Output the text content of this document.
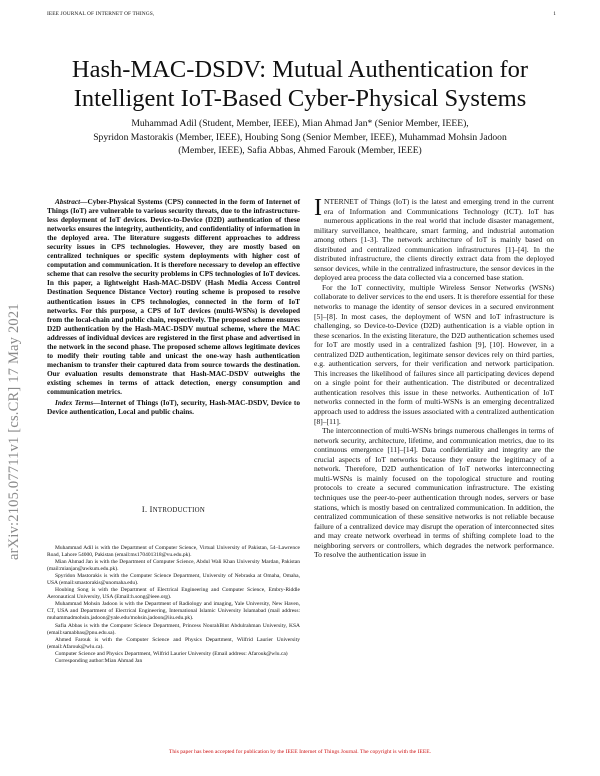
IEEE JOURNAL OF INTERNET OF THINGS,	1
arXiv:2105.07711v1 [cs.CR] 17 May 2021
Hash-MAC-DSDV: Mutual Authentication for
Intelligent IoT-Based Cyber-Physical Systems
Muhammad Adil (Student, Member, IEEE), Mian Ahmad Jan* (Senior Member, IEEE),
Spyridon Mastorakis (Member, IEEE), Houbing Song (Senior Member, IEEE), Muhammad Mohsin Jadoon
(Member, IEEE), Safia Abbas, Ahmed Farouk (Member, IEEE)

Abstract—Cyber-Physical Systems (CPS) connected in the form of Internet of Things (IoT) are vulnerable to various security threats, due to the infrastructure-less deployment of IoT devices. Device-to-Device (D2D) authentication of these networks ensures the integrity, authenticity, and confidentiality of information in the deployed area. The literature suggests different approaches to address security issues in CPS technologies. However, they are mostly based on centralized techniques or specific system deployments with higher cost of computation and communication. It is therefore necessary to develop an effective scheme that can resolve the security problems in CPS technologies of IoT devices. In this paper, a lightweight Hash-MAC-DSDV (Hash Media Access Control Destination Sequence Distance Vector) routing scheme is proposed to resolve authentication issues in CPS technologies, connected in the form of IoT networks. For this purpose, a CPS of IoT devices (multi-WSNs) is developed from the local-chain and public chain, respectively. The proposed scheme ensures D2D authentication by the Hash-MAC-DSDV mutual scheme, where the MAC addresses of individual devices are registered in the first phase and advertised in the network in the second phase. The proposed scheme allows legitimate devices to modify their routing table and unicast the one-way hash authentication mechanism to transfer their captured data from source towards the destination. Our evaluation results demonstrate that Hash-MAC-DSDV outweighs the existing schemes in terms of attack detection, energy consumption and communication metrics.

Index Terms—Internet of Things (IoT), security, Hash-MAC-DSDV, Device to Device authentication, Local and public chains.

I. INTRODUCTION

Muhammad Adil is with the Department of Computer Science, Virtual University of Pakistan, 54–Lawrence Road, Lahore 54000, Pakistan (email:ms170401318@vu.edu.pk).

Mian Ahmad Jan is with the Department of Computer Science, Abdul Wali Khan University Mardan, Pakistan (mail:mianjan@awkum.edu.pk).

Spyridon Mastorakis is with the Computer Science Department, University of Nebraska at Omaha, Omaha, USA (email:smastorakis@unomaha.edu).

Houbing Song is with the Department of Electrical Engineering and Computer Science, Embry-Riddle Aeronautical University, USA (Email:h.song@ieee.org).

Muhammad Mohsin Jadoon is with the Department of Radiology and imaging, Yale University, New Haven, CT, USA and Department of Electrical Engineering, International Islamic University Islamabad (mail address: muhammadmohsin.jadoon@yale.edu/mohsin.jadoon@iiu.edu.pk).

Safia Abbas is with the Computer Science Department, Princess NourahBint Abdulrahman University, KSA (email:samabbas@pnu.edu.sa).

Ahmed Farouk is with the Computer Science and Physics Department, Wilfrid Laurier University (email:Afarouk@wlu.ca).

Computer Science and Physics Department, Wilfrid Laurier University (Email address: Afarouk@wlu.ca)

Corresponding author:Mian Ahmad Jan

INTERNET of Things (IoT) is the latest and emerging trend in the current era of Information and Communications Technology (ICT). IoT has numerous applications in the real world that include disaster management, military surveillance, healthcare, smart farming, and industrial automation among others [1-3]. The network architecture of IoT is mainly based on distributed and centralized communication infrastructures [1]–[4]. In the distributed infrastructure, the clients directly extract data from the deployed sensor devices, while in the centralized infrastructure, the sensor devices in the deployed area process the data collected via a concerned base station.

For the IoT connectivity, multiple Wireless Sensor Networks (WSNs) collaborate to deliver services to the end users. It is therefore essential for these networks to manage the identity of sensor devices in a secured environment [5]–[8]. In most cases, the deployment of WSN and IoT infrastructure is challenging, so Device-to-Device (D2D) authentication is a viable option in these scenarios. In the existing literature, the D2D authentication schemes used for IoT are mostly used in a centralized fashion [9], [10]. However, in a centralized D2D authentication, legitimate sensor devices rely on third parties, e.g. authentication servers, for their verification and network participation. This increases the likelihood of failures since all participating devices depend on a single point for their authentication. The distributed or decentralized authentication resolves this issue in these networks. Authentication of IoT networks connected in the form of multi-WSNs is an emerging decentralized approach used to address the issues associated with a centralized authentication [8]–[11].

The interconnection of multi-WSNs brings numerous challenges in terms of network security, architecture, lifetime, and communication metrics, due to its continuous emergence [11]–[14]. Data confidentiality and integrity are the crucial aspects of IoT networks because they ensure the legitimacy of a network. Therefore, D2D authentication of IoT networks interconnecting multi-WSNs is mainly focused on the topological structure and routing protocols to create a secured communication infrastructure. The existing techniques use the peer-to-peer authentication through nodes, servers or base stations, which is mostly based on centralized communication. In addition, the centralized communication of these sensitive networks is not reliable because failure of a centralized device may disrupt the operation of interconnected sites and may create network overhead in terms of shifting complete load to the neighboring servers or controllers, which degrades the network performance. To resolve the authentication issue in

This paper has been accepted for publication by the IEEE Internet of Things Journal. The copyright is with the IEEE.
